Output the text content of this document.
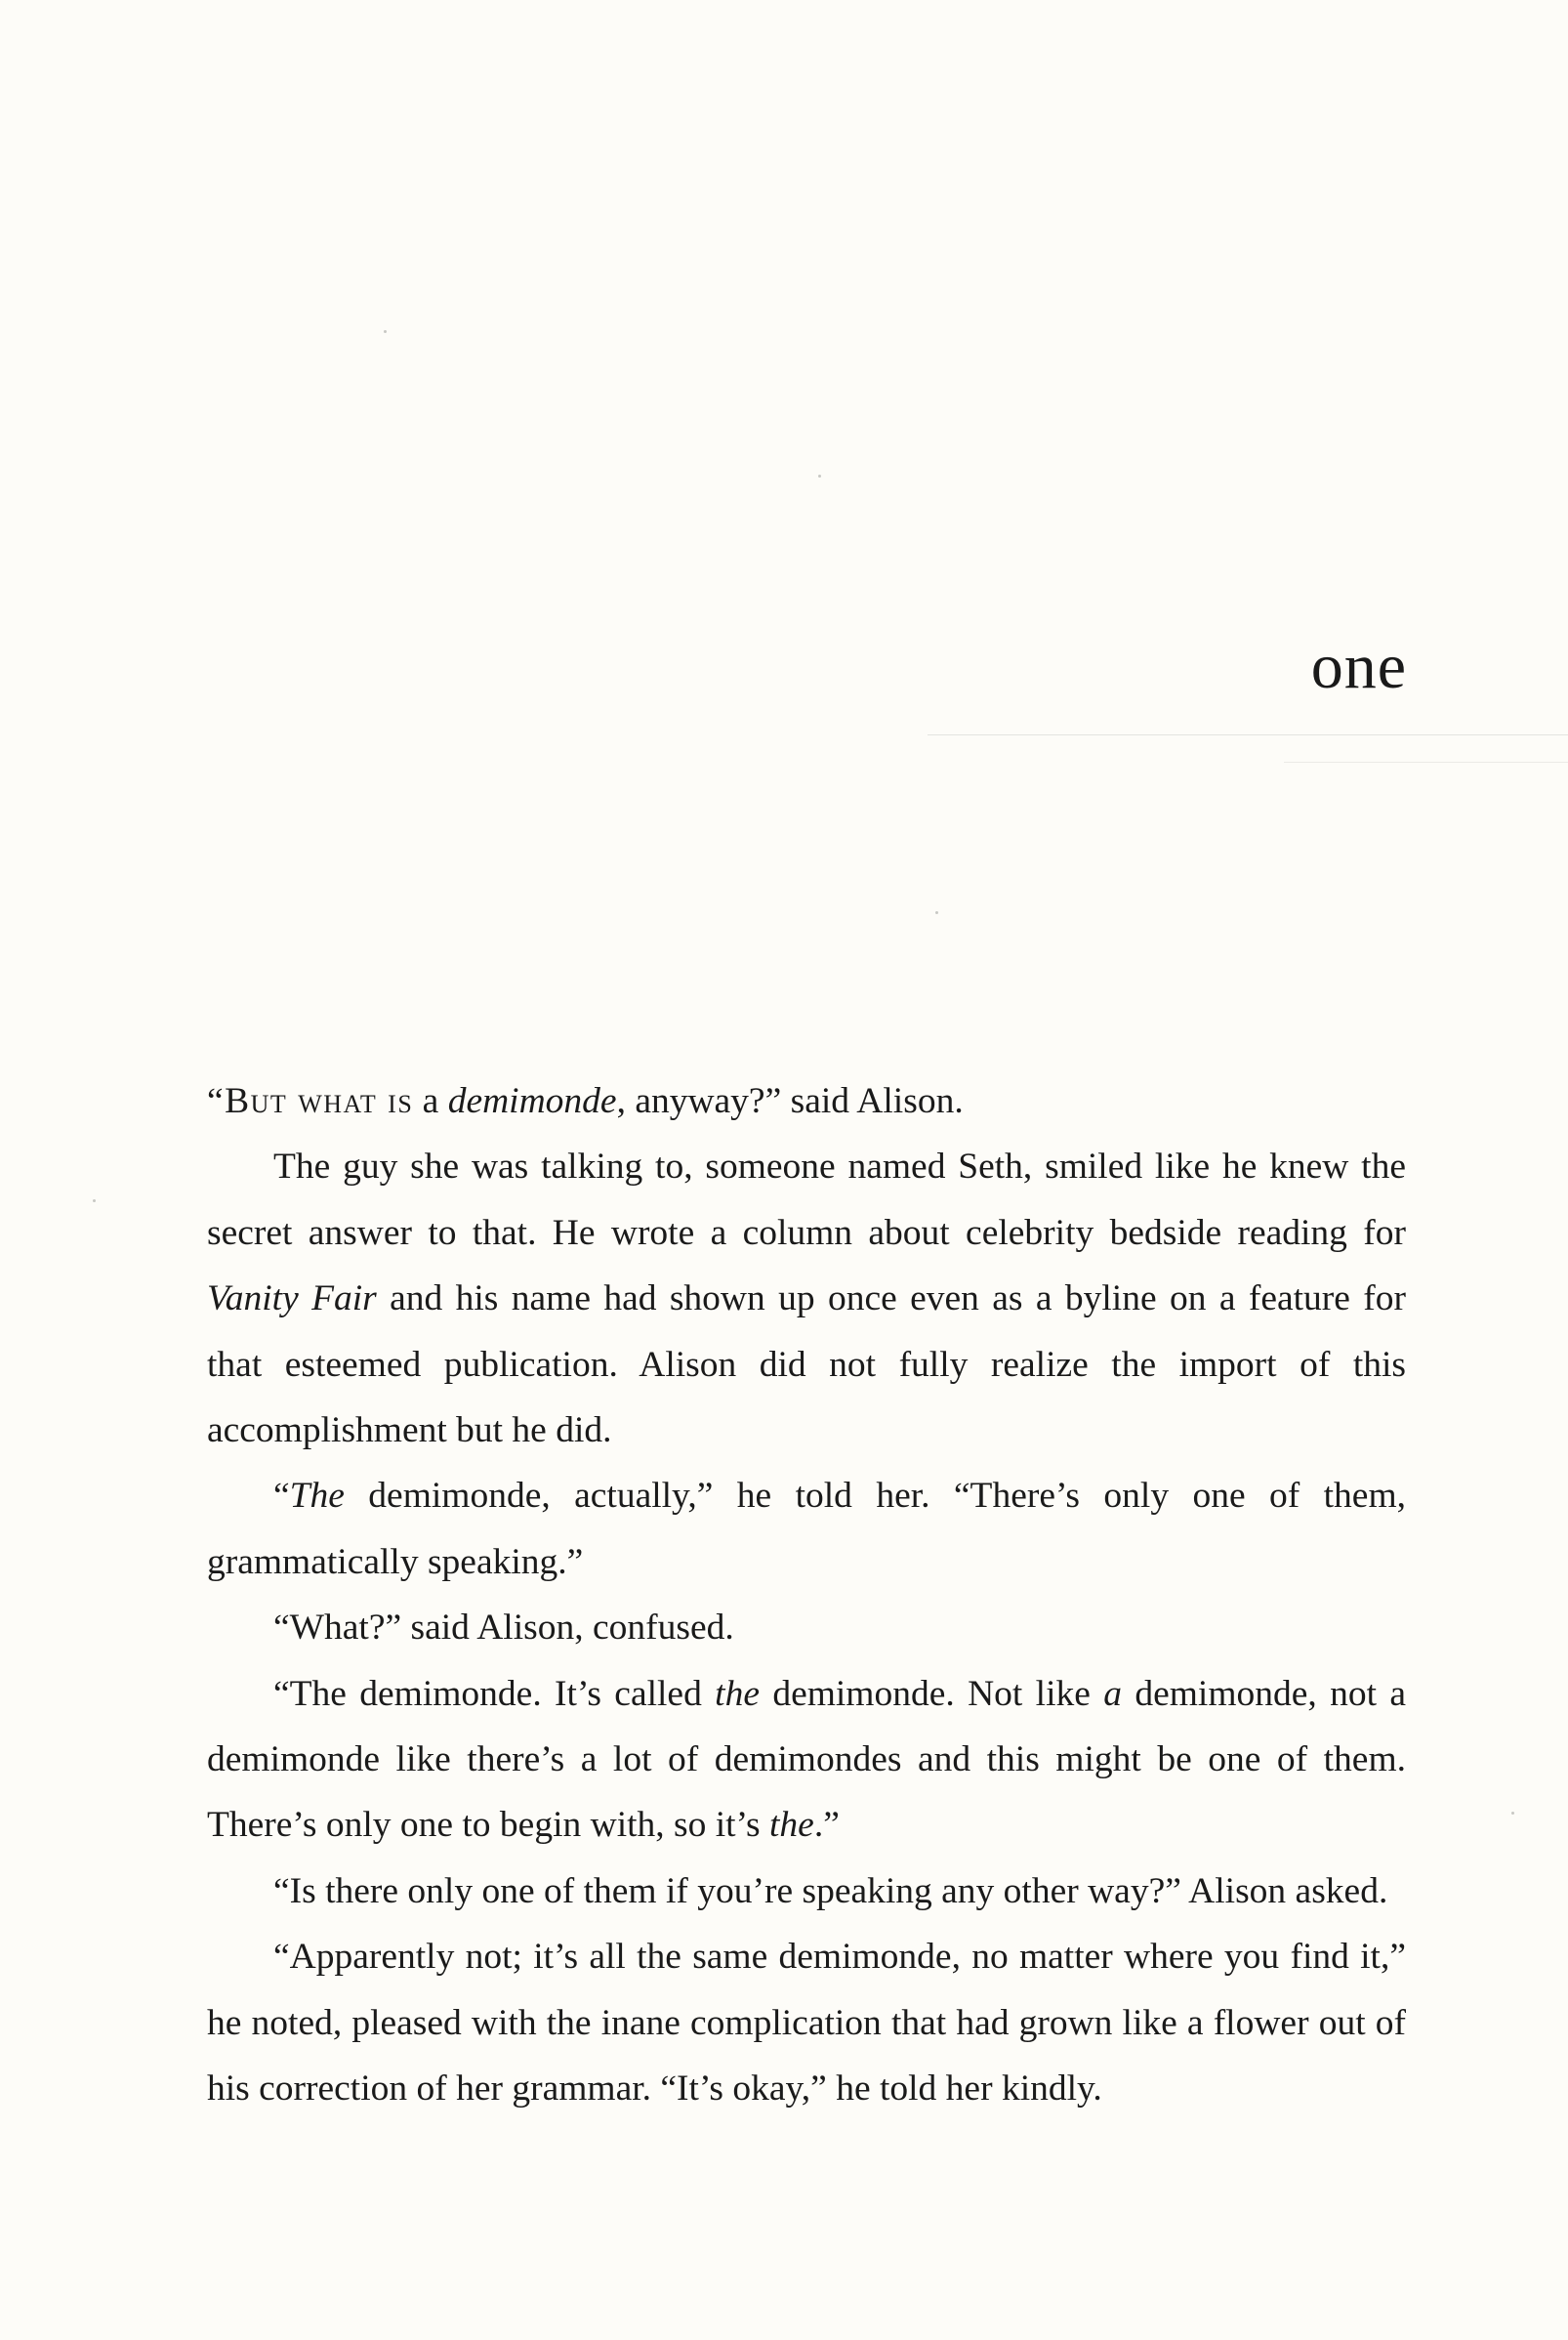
one

“But what is a demimonde, anyway?” said Alison.

The guy she was talking to, someone named Seth, smiled like he knew the secret answer to that. He wrote a column about celebrity bedside reading for Vanity Fair and his name had shown up once even as a byline on a feature for that esteemed publication. Alison did not fully realize the import of this accomplishment but he did.

“The demimonde, actually,” he told her. “There’s only one of them, grammatically speaking.”

“What?” said Alison, confused.

“The demimonde. It’s called the demimonde. Not like a demimonde, not a demimonde like there’s a lot of demimondes and this might be one of them. There’s only one to begin with, so it’s the.”

“Is there only one of them if you’re speaking any other way?” Alison asked.

“Apparently not; it’s all the same demimonde, no matter where you find it,” he noted, pleased with the inane complication that had grown like a flower out of his correction of her grammar. “It’s okay,” he told her kindly.
